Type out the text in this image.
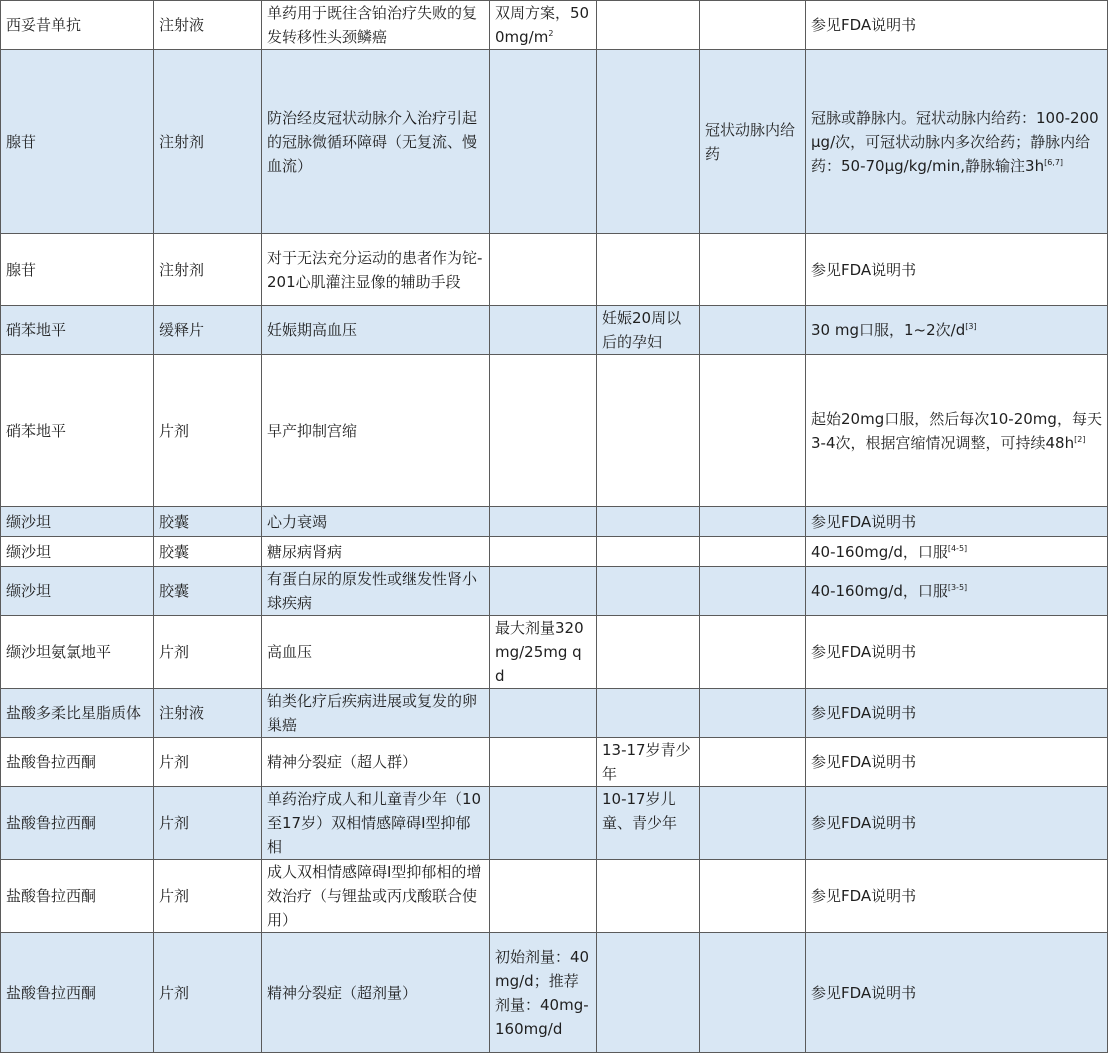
西妥昔单抗	注射液	单药用于既往含铂治疗失败的复发转移性头颈鳞癌	双周方案，$500mg/m^2$			参见FDA说明书
腺苷	注射剂	防治经皮冠状动脉介入治疗引起的冠脉微循环障碍（无复流、慢血流）			冠状动脉内给药	冠脉或静脉内。冠状动脉内给药：100-200μg/次，可冠状动脉内多次给药；静脉内给药：50-70μg/kg/min,静脉输注3h[6,7]
腺苷	注射剂	对于无法充分运动的患者作为铊-201心肌灌注显像的辅助手段				参见FDA说明书
硝苯地平	缓释片	妊娠期高血压		妊娠20周以后的孕妇		30 mg口服，1~2次/d[3]
硝苯地平	片剂	早产抑制宫缩				起始20mg口服，然后每次10-20mg，每天3-4次，根据宫缩情况调整，可持续48h[2]
缬沙坦	胶囊	心力衰竭				参见FDA说明书
缬沙坦	胶囊	糖尿病肾病				40-160mg/d，口服[4-5]
缬沙坦	胶囊	有蛋白尿的原发性或继发性肾小球疾病				40-160mg/d，口服[3-5]
缬沙坦氨氯地平	片剂	高血压	最大剂量320mg/25mg qd			参见FDA说明书
盐酸多柔比星脂质体	注射液	铂类化疗后疾病进展或复发的卵巢癌				参见FDA说明书
盐酸鲁拉西酮	片剂	精神分裂症（超人群）		13-17岁青少年		参见FDA说明书
盐酸鲁拉西酮	片剂	单药治疗成人和儿童青少年（10至17岁）双相情感障碍I型抑郁相		10-17岁儿童、青少年		参见FDA说明书
盐酸鲁拉西酮	片剂	成人双相情感障碍I型抑郁相的增效治疗（与锂盐或丙戊酸联合使用）				参见FDA说明书
盐酸鲁拉西酮	片剂	精神分裂症（超剂量）	初始剂量：40mg/d；推荐剂量：40mg-160mg/d			参见FDA说明书
